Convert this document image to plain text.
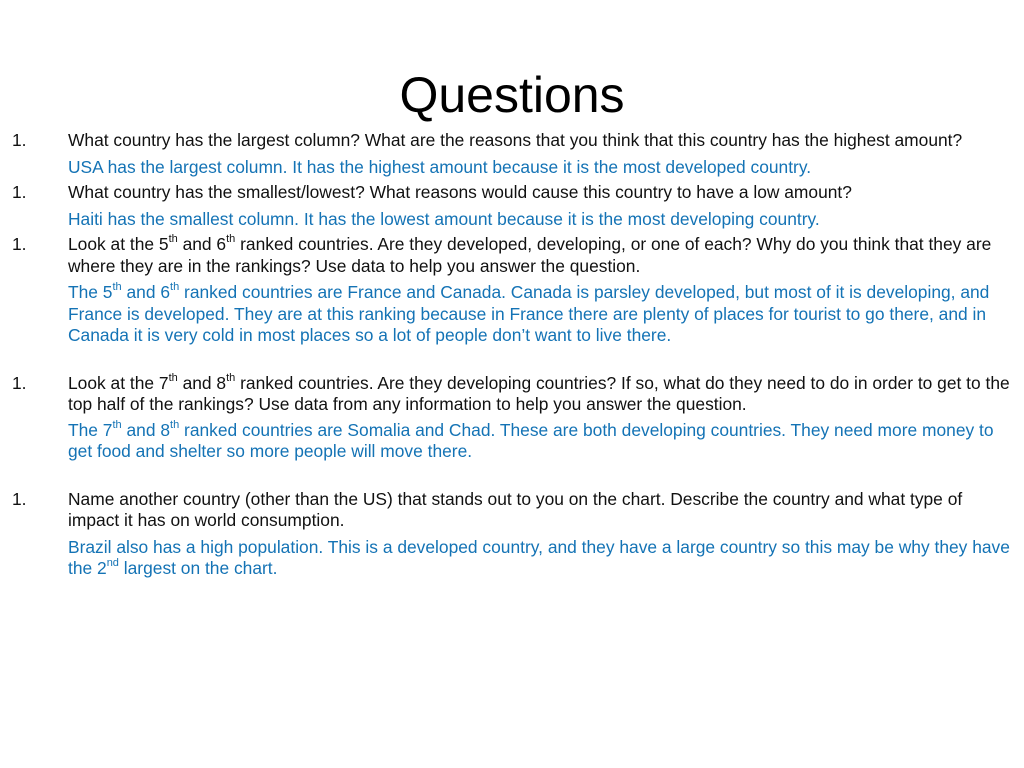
Questions
1. What country has the largest column? What are the reasons that you think that this country has the highest amount?
USA has the largest column. It has the highest amount because it is the most developed country.
1. What country has the smallest/lowest? What reasons would cause this country to have a low amount?
Haiti has the smallest column. It has the lowest amount because it is the most developing country.
1. Look at the 5th and 6th ranked countries. Are they developed, developing, or one of each? Why do you think that they are where they are in the rankings? Use data to help you answer the question.
The 5th and 6th ranked countries are France and Canada. Canada is parsley developed, but most of it is developing, and France is developed. They are at this ranking because in France there are plenty of places for tourist to go there, and in Canada it is very cold in most places so a lot of people don’t want to live there.
1. Look at the 7th and 8th ranked countries. Are they developing countries? If so, what do they need to do in order to get to the top half of the rankings? Use data from any information to help you answer the question.
The 7th and 8th ranked countries are Somalia and Chad. These are both developing countries. They need more money to get food and shelter so more people will move there.
1. Name another country (other than the US) that stands out to you on the chart. Describe the country and what type of impact it has on world consumption.
Brazil also has a high population. This is a developed country, and they have a large country so this may be why they have the 2nd largest on the chart.
